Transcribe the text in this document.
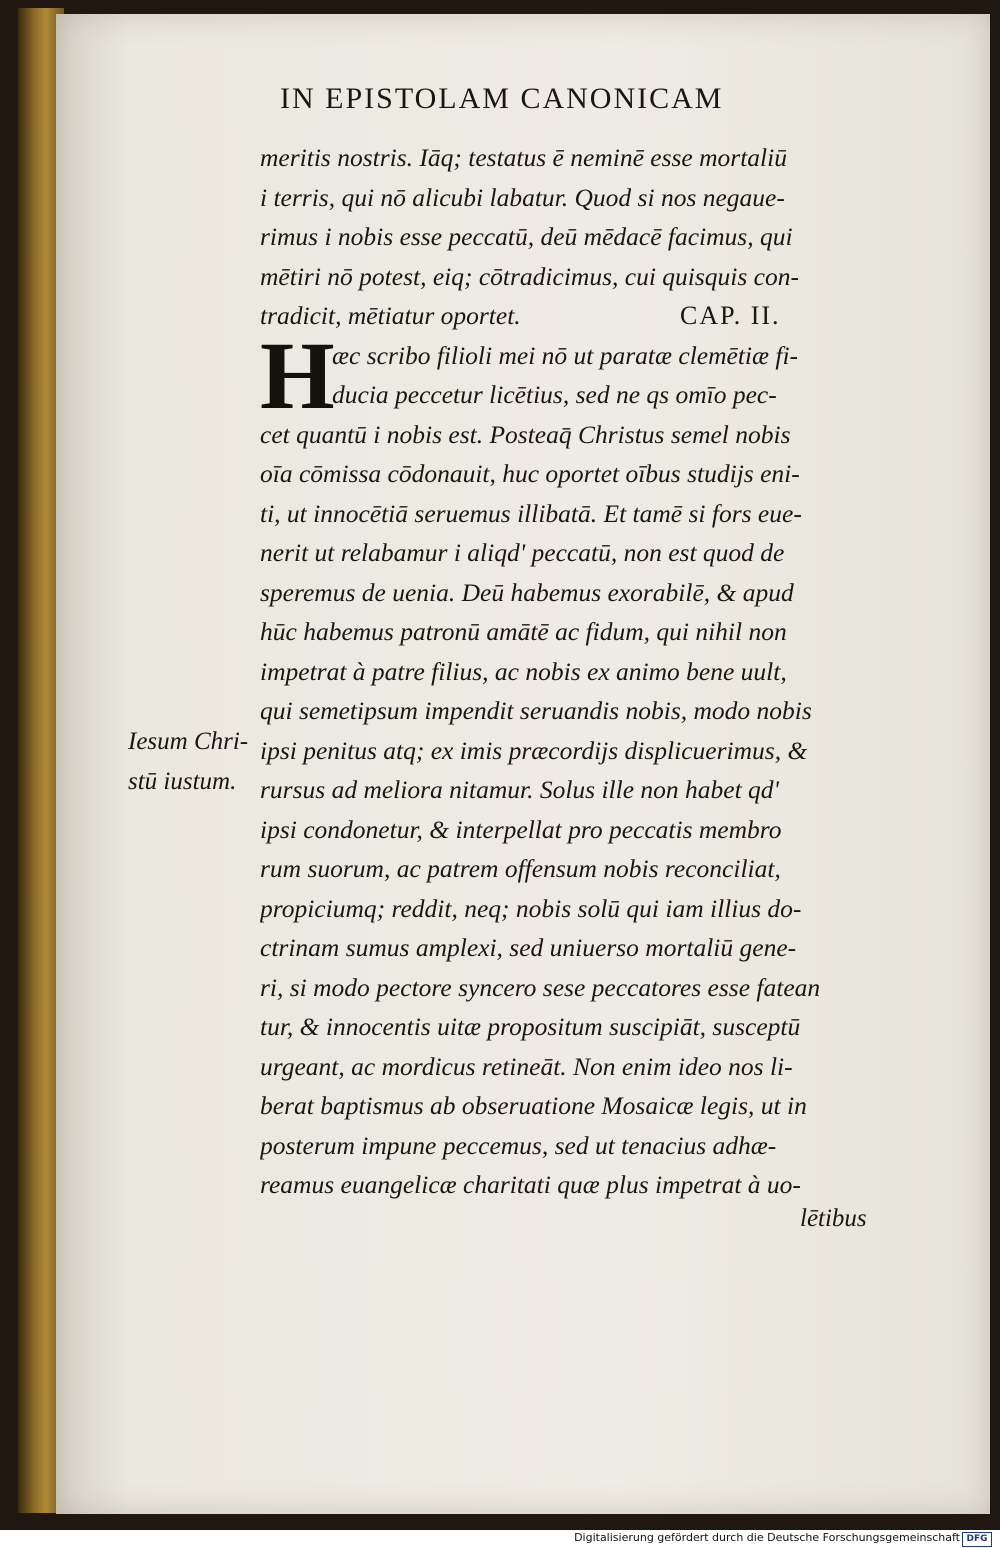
IN EPISTOLAM CANONICAM
meritis nostris. Iāq; testatus ē neminē esse mortaliū
i terris, qui nō alicubi labatur. Quod si nos negaue-
rimus i nobis esse peccatū, deū mēdacē facimus, qui
mētiri nō potest, eiq; cōtradicimus, cui quisquis con-
tradicit, mētiatur oportet.	CAP. II.
H
æc scribo filioli mei nō ut paratæ clemētiæ fi-
ducia peccetur licētius, sed ne qs omīo pec-
cet quantū i nobis est. Posteaq̄ Christus semel nobis
oīa cōmissa cōdonauit, huc oportet oībus studijs eni-
ti, ut innocētiā seruemus illibatā. Et tamē si fors eue-
nerit ut relabamur i aliqd' peccatū, non est quod de
speremus de uenia. Deū habemus exorabilē, & apud
hūc habemus patronū amātē ac fidum, qui nihil non
impetrat à patre filius, ac nobis ex animo bene uult,
qui semetipsum impendit seruandis nobis, modo nobis
ipsi penitus atq; ex imis præcordijs displicuerimus, &
rursus ad meliora nitamur. Solus ille non habet qd'
ipsi condonetur, & interpellat pro peccatis membro
rum suorum, ac patrem offensum nobis reconciliat,
propiciumq; reddit, neq; nobis solū qui iam illius do-
ctrinam sumus amplexi, sed uniuerso mortaliū gene-
ri, si modo pectore syncero sese peccatores esse fatean
tur, & innocentis uitæ propositum suscipiāt, susceptū
urgeant, ac mordicus retineāt. Non enim ideo nos li-
berat baptismus ab obseruatione Mosaicæ legis, ut in
posterum impune peccemus, sed ut tenacius adhæ-
reamus euangelicæ charitati quæ plus impetrat à uo-
Iesum Chri-
stū iustum.
lētibus
Digitalisierung gefördert durch die Deutsche Forschungsgemeinschaft DFG
